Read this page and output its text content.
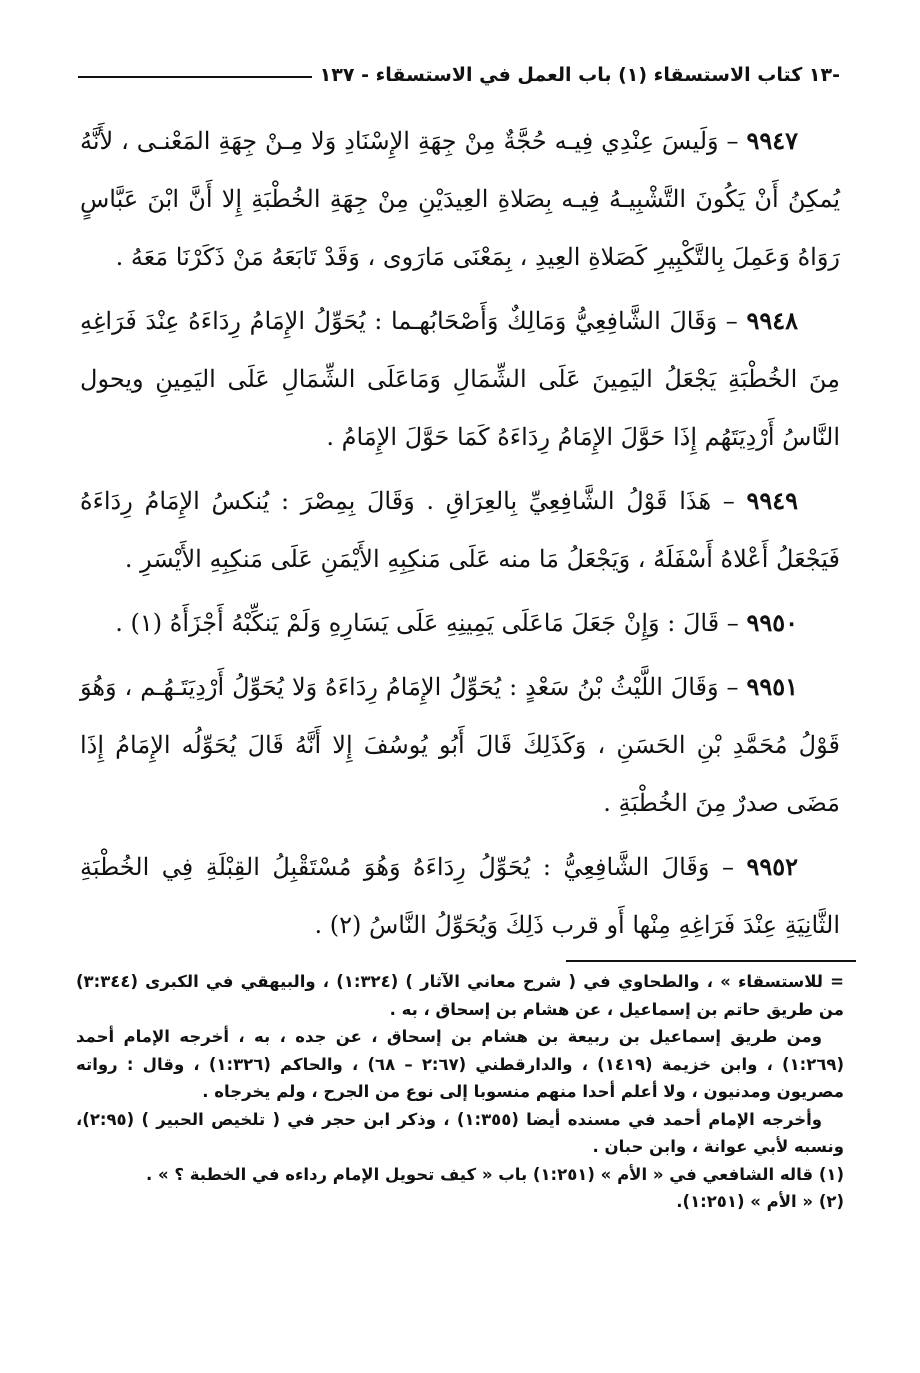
-١٣ كتاب الاستسقاء (١) باب العمل في الاستسقاء - ١٣٧

٩٩٤٧ – وَلَيسَ عِنْدِي فِيـه حُجَّةٌ مِنْ جِهَةِ الإِسْنَادِ وَلا مِـنْ جِهَةِ المَعْنـى ، لأَنَّهُ يُمكِنُ أَنْ يَكُونَ التَّشْبِيـهُ فِيـه بِصَلاةِ العِيدَيْنِ مِنْ جِهَةِ الخُطْبَةِ إِلا أَنَّ ابْنَ عَبَّاسٍ رَوَاهُ وَعَمِلَ بِالتَّكْبِيرِ كَصَلاةِ العِيدِ ، بِمَعْنَى مَارَوى ، وَقَدْ تَابَعَهُ مَنْ ذَكَرْنَا مَعَهُ .

٩٩٤٨ – وَقَالَ الشَّافِعِيُّ وَمَالِكٌ وَأَصْحَابُهـما : يُحَوِّلُ الإِمَامُ رِدَاءَهُ عِنْدَ فَرَاغِهِ مِنَ الخُطْبَةِ يَجْعَلُ اليَمِينَ عَلَى الشِّمَالِ وَمَاعَلَى الشِّمَالِ عَلَى اليَمِينِ ويحول النَّاسُ أَرْدِيَتَهُم إِذَا حَوَّلَ الإِمَامُ رِدَاءَهُ كَمَا حَوَّلَ الإِمَامُ .

٩٩٤٩ – هَذَا قَوْلُ الشَّافِعِيِّ بِالعِرَاقِ . وَقَالَ بِمِصْرَ : يُنكسُ الإِمَامُ رِدَاءَهُ فَيَجْعَلُ أَعْلاهُ أَسْفَلَهُ ، وَيَجْعَلُ مَا منه عَلَى مَنكِبِهِ الأَيْمَنِ عَلَى مَنكِبِهِ الأَيْسَرِ .

٩٩٥٠ – قَالَ : وَإِنْ جَعَلَ مَاعَلَى يَمِينِهِ عَلَى يَسَارِهِ وَلَمْ يَنكِّبْهُ أَجْزَأَهُ (١) .

٩٩٥١ – وَقَالَ اللَّيْثُ بْنُ سَعْدٍ : يُحَوِّلُ الإِمَامُ رِدَاءَهُ وَلا يُحَوِّلُ أَرْدِيَتَـهُـم ، وَهُوَ قَوْلُ مُحَمَّدِ بْنِ الحَسَنِ ، وَكَذَلِكَ قَالَ أَبُو يُوسُفَ إِلا أَنَّهُ قَالَ يُحَوِّلُه الإِمَامُ إِذَا مَضَى صدرٌ مِنَ الخُطْبَةِ .

٩٩٥٢ – وَقَالَ الشَّافِعِيُّ : يُحَوِّلُ رِدَاءَهُ وَهُوَ مُسْتَقْبِلُ القِبْلَةِ فِي الخُطْبَةِ الثَّانِيَةِ عِنْدَ فَرَاغِهِ مِنْها أَو قرب ذَلِكَ وَيُحَوِّلُ النَّاسُ (٢) .

= للاستسقاء » ، والطحاوي في ( شرح معاني الآثار ) (١:٣٢٤) ، والبيهقي في الكبرى (٣:٣٤٤) من طريق حاتم بن إسماعيل ، عن هشام بن إسحاق ، به .

ومن طريق إسماعيل بن ربيعة بن هشام بن إسحاق ، عن جده ، به ، أخرجه الإمام أحمد (١:٢٦٩) ، وابن خزيمة (١٤١٩) ، والدارقطني (٢:٦٧ – ٦٨) ، والحاكم (١:٣٢٦) ، وقال : رواته مصريون ومدنيون ، ولا أعلم أحدا منهم منسوبا إلى نوع من الجرح ، ولم يخرجاه .

وأخرجه الإمام أحمد في مسنده أيضا (١:٣٥٥) ، وذكر ابن حجر في ( تلخيص الحبير ) (٢:٩٥)، ونسبه لأبي عوانة ، وابن حبان .

(١) قاله الشافعي في « الأم » (١:٢٥١) باب « كيف تحويل الإمام رداءه في الخطبة ؟ » .

(٢) « الأم » (١:٢٥١).
